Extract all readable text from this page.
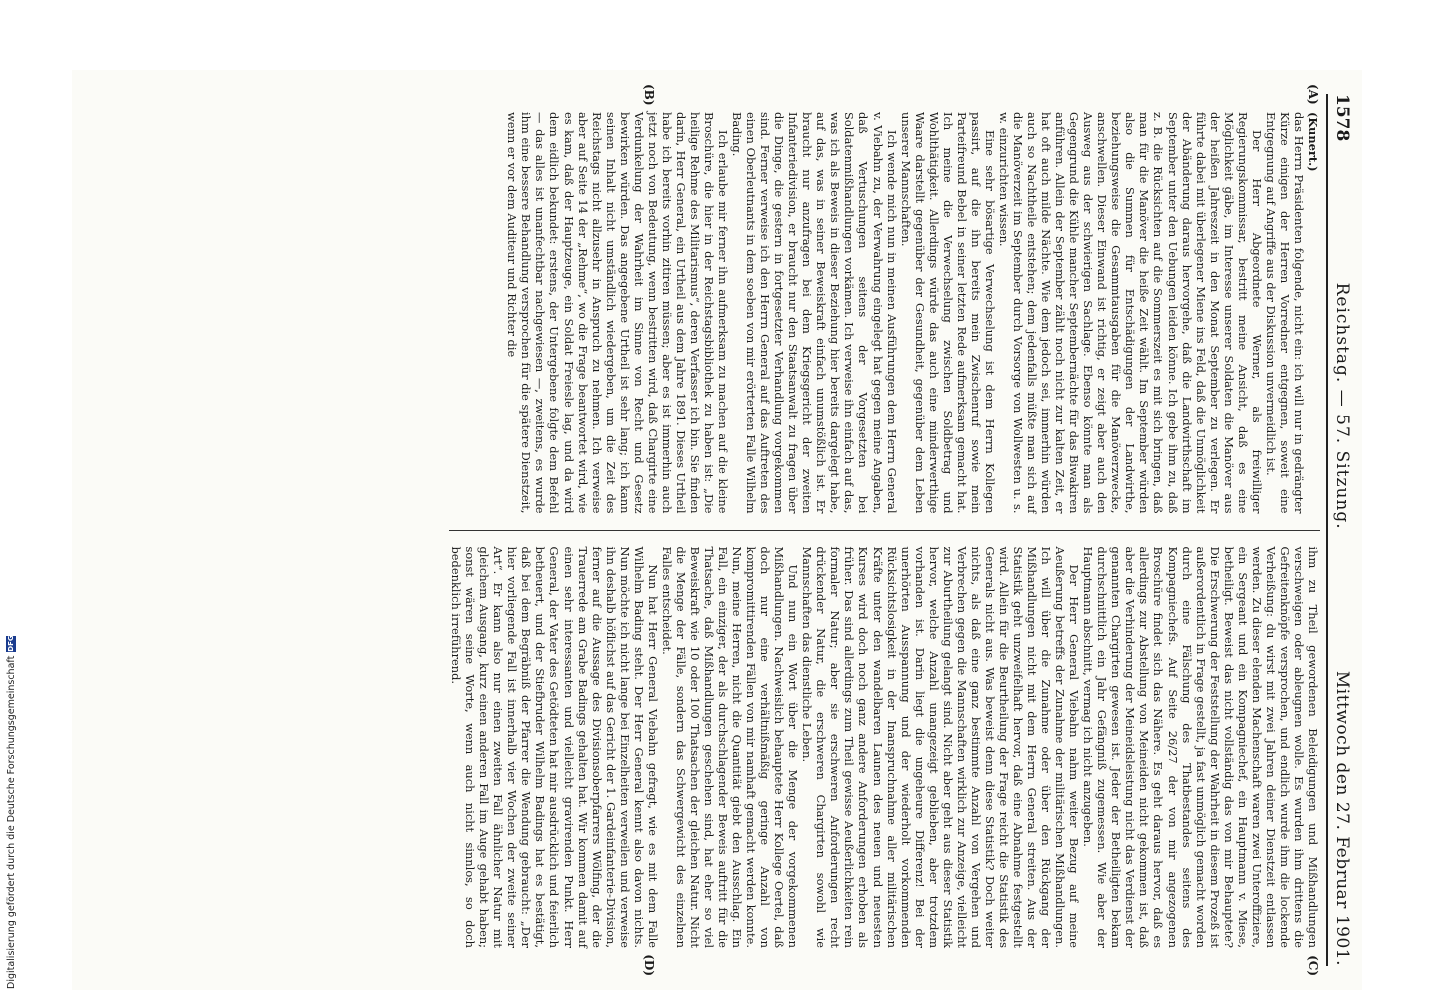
1578
Reichstag. — 57. Sitzung.
Mittwoch den 27. Februar 1901.
(A)
(B)

(Kunert.)

das Herrn Präsidenten folgende, nicht ein: ich will nur in gedrängter Kürze einigen der Herren Vorredner entgegnen, soweit eine Entgegnung auf Angriffe aus der Diskussion unvermeidlich ist.

Der Herr Abgeordnete Werner, als freiwilliger Regierungskommissar, bestritt meine Ansicht, daß es eine Möglichkeit gäbe, im Interesse unserer Soldaten die Manöver aus der heißen Jahreszeit in den Monat September zu verlegen. Er führte dabei mit überlegener Miene ins Feld, daß die Unmöglichkeit der Abänderung daraus hervorgehe, daß die Landwirthschaft im September unter den Uebungen leiden könne. Ich gebe ihm zu, daß z. B. die Rücksichten auf die Sommerszeit es mit sich bringen, daß man für die Manöver die heiße Zeit wählt. Im September würden also die Summen für Entschädigungen der Landwirthe, beziehungsweise die Gesammtausgaben für die Manöverzwecke, anschwellen. Dieser Einwand ist richtig, er zeigt aber auch den Ausweg aus der schwierigen Sachlage. Ebenso könnte man als Gegengrund die Kühle mancher Septembernächte für das Biwakiren anführen. Allein der September zählt noch nicht zur kalten Zeit, er hat oft auch milde Nächte. Wie dem jedoch sei, immerhin würden auch so Nachtheile entstehen; dem jedenfalls müßte man sich auf die Manöverzeit im September durch Vorsorge von Wollwesten u. s. w. einzurichten wissen.

Eine sehr bösartige Verwechselung ist dem Herrn Kollegen passirt, auf die ihn bereits mein Zwischenruf sowie mein Parteifreund Bebel in seiner letzten Rede aufmerksam gemacht hat. Ich meine die Verwechselung zwischen Soldbetrag und Wohlthätigkeit. Allerdings würde das auch eine minderwerthige Waare darstellt gegenüber der Gesundheit, gegenüber dem Leben unserer Mannschaften.

Ich wende mich nun in meinen Ausführungen dem Herrn General v. Viebahn zu, der Verwahrung eingelegt hat gegen meine Angaben, daß Vertuschungen seitens der Vorgesetzten bei Soldatenmißhandlungen vorkämen. Ich verweise ihn einfach auf das, was ich als Beweis in dieser Beziehung hier bereits dargelegt habe, auf das, was in seiner Beweiskraft einfach unumstößlich ist. Er braucht nur anzufragen bei dem Kriegsgericht der zweiten Infanteriedivision, er braucht nur den Staatsanwalt zu fragen über die Dinge, die gestern in fortgesetzter Verhandlung vorgekommen sind. Ferner verweise ich den Herrn General auf das Auftreten des einen Oberleutnants in dem soeben von mir erörterten Falle Wilhelm Bading.

Ich erlaube mir ferner ihn aufmerksam zu machen auf die kleine Broschüre, die hier in der Reichstagsbibliothek zu haben ist: „Die heilige Rehme des Militarismus“, deren Verfasser ich bin. Sie finden darin, Herr General, ein Urtheil aus dem Jahre 1891. Dieses Urtheil habe ich bereits vorhin zitiren müssen; aber es ist immerhin auch jetzt noch von Bedeutung, wenn bestritten wird, daß Chargirte eine Verdunkelung der Wahrheit im Sinne von Recht und Gesetz bewirken würden. Das angegebene Urtheil ist sehr lang; ich kann seinen Inhalt nicht umständlich wiedergeben, um die Zeit des Reichstags nicht allzusehr in Anspruch zu nehmen. Ich verweise aber auf Seite 14 der „Rehme“, wo die Frage beantwortet wird, wie es kam, daß der Hauptzeuge, ein Soldat Freiesle lag, und da wird dem eidlich bekundet: erstens, der Untergebene folgte dem Befehl — das alles ist unanfechtbar nachgewiesen —, zweitens, es wurde ihm eine bessere Behandlung versprochen für die spätere Dienstzeit, wenn er vor dem Auditeur und Richter die

(C)
(D)

ihm zu Theil gewordenen Beleidigungen und Mißhandlungen verschweigen oder ableugnen wolle. Es wurden ihm drittens die Gefreitenknöpfe versprochen, und endlich wurde ihm die lockende Verheißung: du wirst mit zwei Jahren deiner Dienstzeit entlassen werden. Zu dieser elenden Machenschaft waren zwei Unteroffiziere, ein Sergeant und ein Kompagniechef, ein Hauptmann v. Miese, betheiligt. Beweist das nicht vollständig das von mir Behauptete? Die Erschwerung der Feststellung der Wahrheit in diesem Prozeß ist außerordentlich in Frage gestellt, ja fast unmöglich gemacht worden durch eine Fälschung des Thatbestandes seitens des Kompagniechefs. Auf Seite 26/27 der von mir angezogenen Broschüre findet sich das Nähere. Es geht daraus hervor, daß es allerdings zur Abstellung von Meineiden nicht gekommen ist, daß aber die Verhinderung der Meineidsleistung nicht das Verdienst der genannten Chargirten gewesen ist. Jeder der Betheiligten bekam durchschnittlich ein Jahr Gefängniß zugemessen. Wie aber der Hauptmann abschnitt, vermag ich nicht anzugeben.

Der Herr General Viebahn nahm weiter Bezug auf meine Aeußerung betreffs der Zunahme der militärischen Mißhandlungen. Ich will über die Zunahme oder über den Rückgang der Mißhandlungen nicht mit dem Herrn General streiten. Aus der Statistik geht unzweifelhaft hervor, daß eine Abnahme festgestellt wird. Allein für die Beurtheilung der Frage reicht die Statistik des Generals nicht aus. Was beweist denn diese Statistik? Doch weiter nichts, als daß eine ganz bestimmte Anzahl von Vergehen und Verbrechen gegen die Mannschaften wirklich zur Anzeige, vielleicht zur Aburtheilung gelangt sind. Nicht aber geht aus dieser Statistik hervor, welche Anzahl unangezeigt geblieben, aber trotzdem vorhanden ist. Darin liegt die ungeheure Differenz! Bei der unerhörten Ausspannung und der wiederholt vorkommenden Rücksichtslosigkeit in der Inanspruchnahme aller militärischen Kräfte unter den wandelbaren Launen des neuen und neuesten Kurses wird doch noch ganz andere Anforderungen erhoben als früher. Das sind allerdings zum Theil gewisse Aeußerlichkeiten rein formaler Natur; aber sie erschweren Anforderungen recht drückender Natur, die erschweren Chargirten sowohl wie Mannschaften das dienstliche Leben.

Und nun ein Wort über die Menge der vorgekommenen Mißhandlungen. Nachweislich behauptete Herr Kollege Oertel, daß doch nur eine verhältnißmäßig geringe Anzahl von kompromittirenden Fällen von mir namhaft gemacht werden konnte. Nun, meine Herren, nicht die Quantität giebt den Ausschlag. Ein Fall, ein einziger, der als durchschlagender Beweis auftritt für die Thatsache, daß Mißhandlungen geschehen sind, hat eher so viel Beweiskraft wie 10 oder 100 Thatsachen der gleichen Natur. Nicht die Menge der Fälle, sondern das Schwergewicht des einzelnen Falles entscheidet.

Nun hat Herr General Viebahn gefragt, wie es mit dem Falle Wilhelm Bading steht. Der Herr General kennt also davon nichts. Nun möchte ich nicht lange bei Einzelheiten verweilen und verweise ihn deshalb höflichst auf das Gericht der 1. Gardeinfanterie-Division, ferner auf die Aussage des Divisionsoberpfarrers Wölfing, der die Trauerrede am Grabe Badings gehalten hat. Wir kommen damit auf einen sehr interessanten und vielleicht gravirenden Punkt. Herr General, der Vater des Getödteten hat mir ausdrücklich und feierlich betheuert, und der Stiefbruder Wilhelm Badings hat es bestätigt, daß bei dem Begräbniß der Pfarrer die Wendung gebraucht: „Der hier vorliegende Fall ist innerhalb vier Wochen der zweite seiner Art“. Er kann also nur einen zweiten Fall ähnlicher Natur mit gleichem Ausgang, kurz einen anderen Fall im Auge gehabt haben; sonst wären seine Worte, wenn auch nicht sinnlos, so doch bedenklich irreführend.

Digitalisierung gefördert durch die Deutsche Forschungsgemeinschaft
DFG
